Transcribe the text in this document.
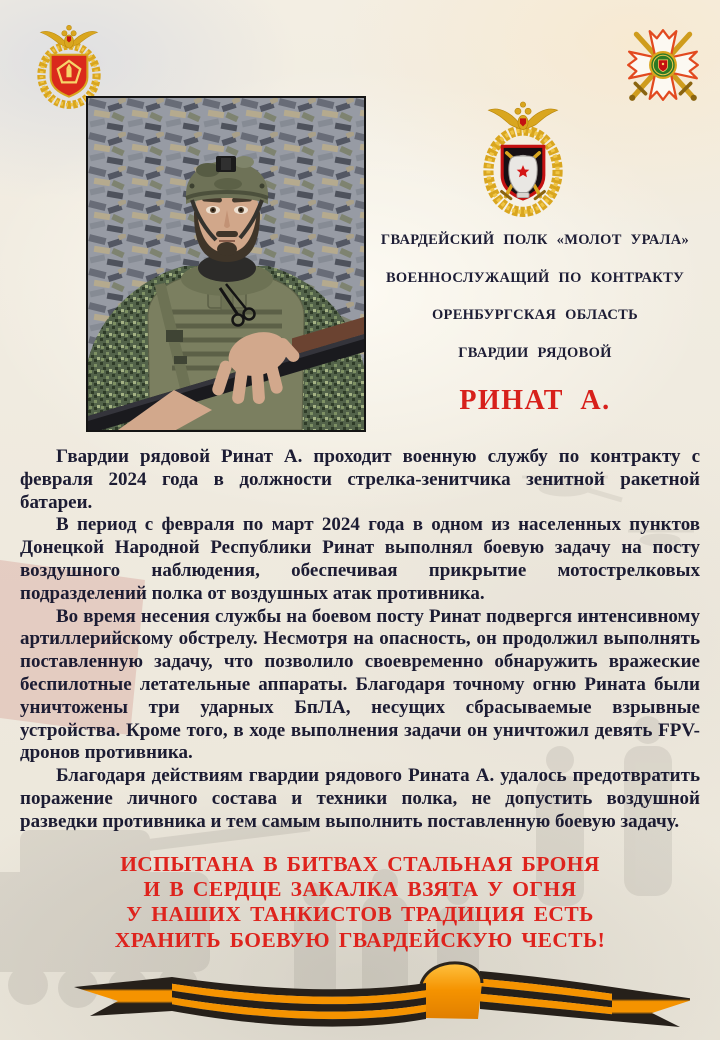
ГВАРДЕЙСКИЙ ПОЛК «МОЛОТ УРАЛА»
ВОЕННОСЛУЖАЩИЙ ПО КОНТРАКТУ
ОРЕНБУРГСКАЯ ОБЛАСТЬ
ГВАРДИИ РЯДОВОЙ
РИНАТ А.

Гвардии рядовой Ринат А. проходит военную службу по контракту с февраля 2024 года в должности стрелка-зенитчика зенитной ракетной батареи.

В период с февраля по март 2024 года в одном из населенных пунктов Донецкой Народной Республики Ринат выполнял боевую задачу на посту воздушного наблюдения, обеспечивая прикрытие мотострелковых подразделений полка от воздушных атак противника.

Во время несения службы на боевом посту Ринат подвергся интенсивному артиллерийскому обстрелу. Несмотря на опасность, он продолжил выполнять поставленную задачу, что позволило своевременно обнаружить вражеские беспилотные летательные аппараты. Благодаря точному огню Рината были уничтожены три ударных БпЛА, несущих сбрасываемые взрывные устройства. Кроме того, в ходе выполнения задачи он уничтожил девять FPV-дронов противника.

Благодаря действиям гвардии рядового Рината А. удалось предотвратить поражение личного состава и техники полка, не допустить воздушной разведки противника и тем самым выполнить поставленную боевую задачу.

ИСПЫТАНА В БИТВАХ СТАЛЬНАЯ БРОНЯ
И В СЕРДЦЕ ЗАКАЛКА ВЗЯТА У ОГНЯ
У НАШИХ ТАНКИСТОВ ТРАДИЦИЯ ЕСТЬ
ХРАНИТЬ БОЕВУЮ ГВАРДЕЙСКУЮ ЧЕСТЬ!
